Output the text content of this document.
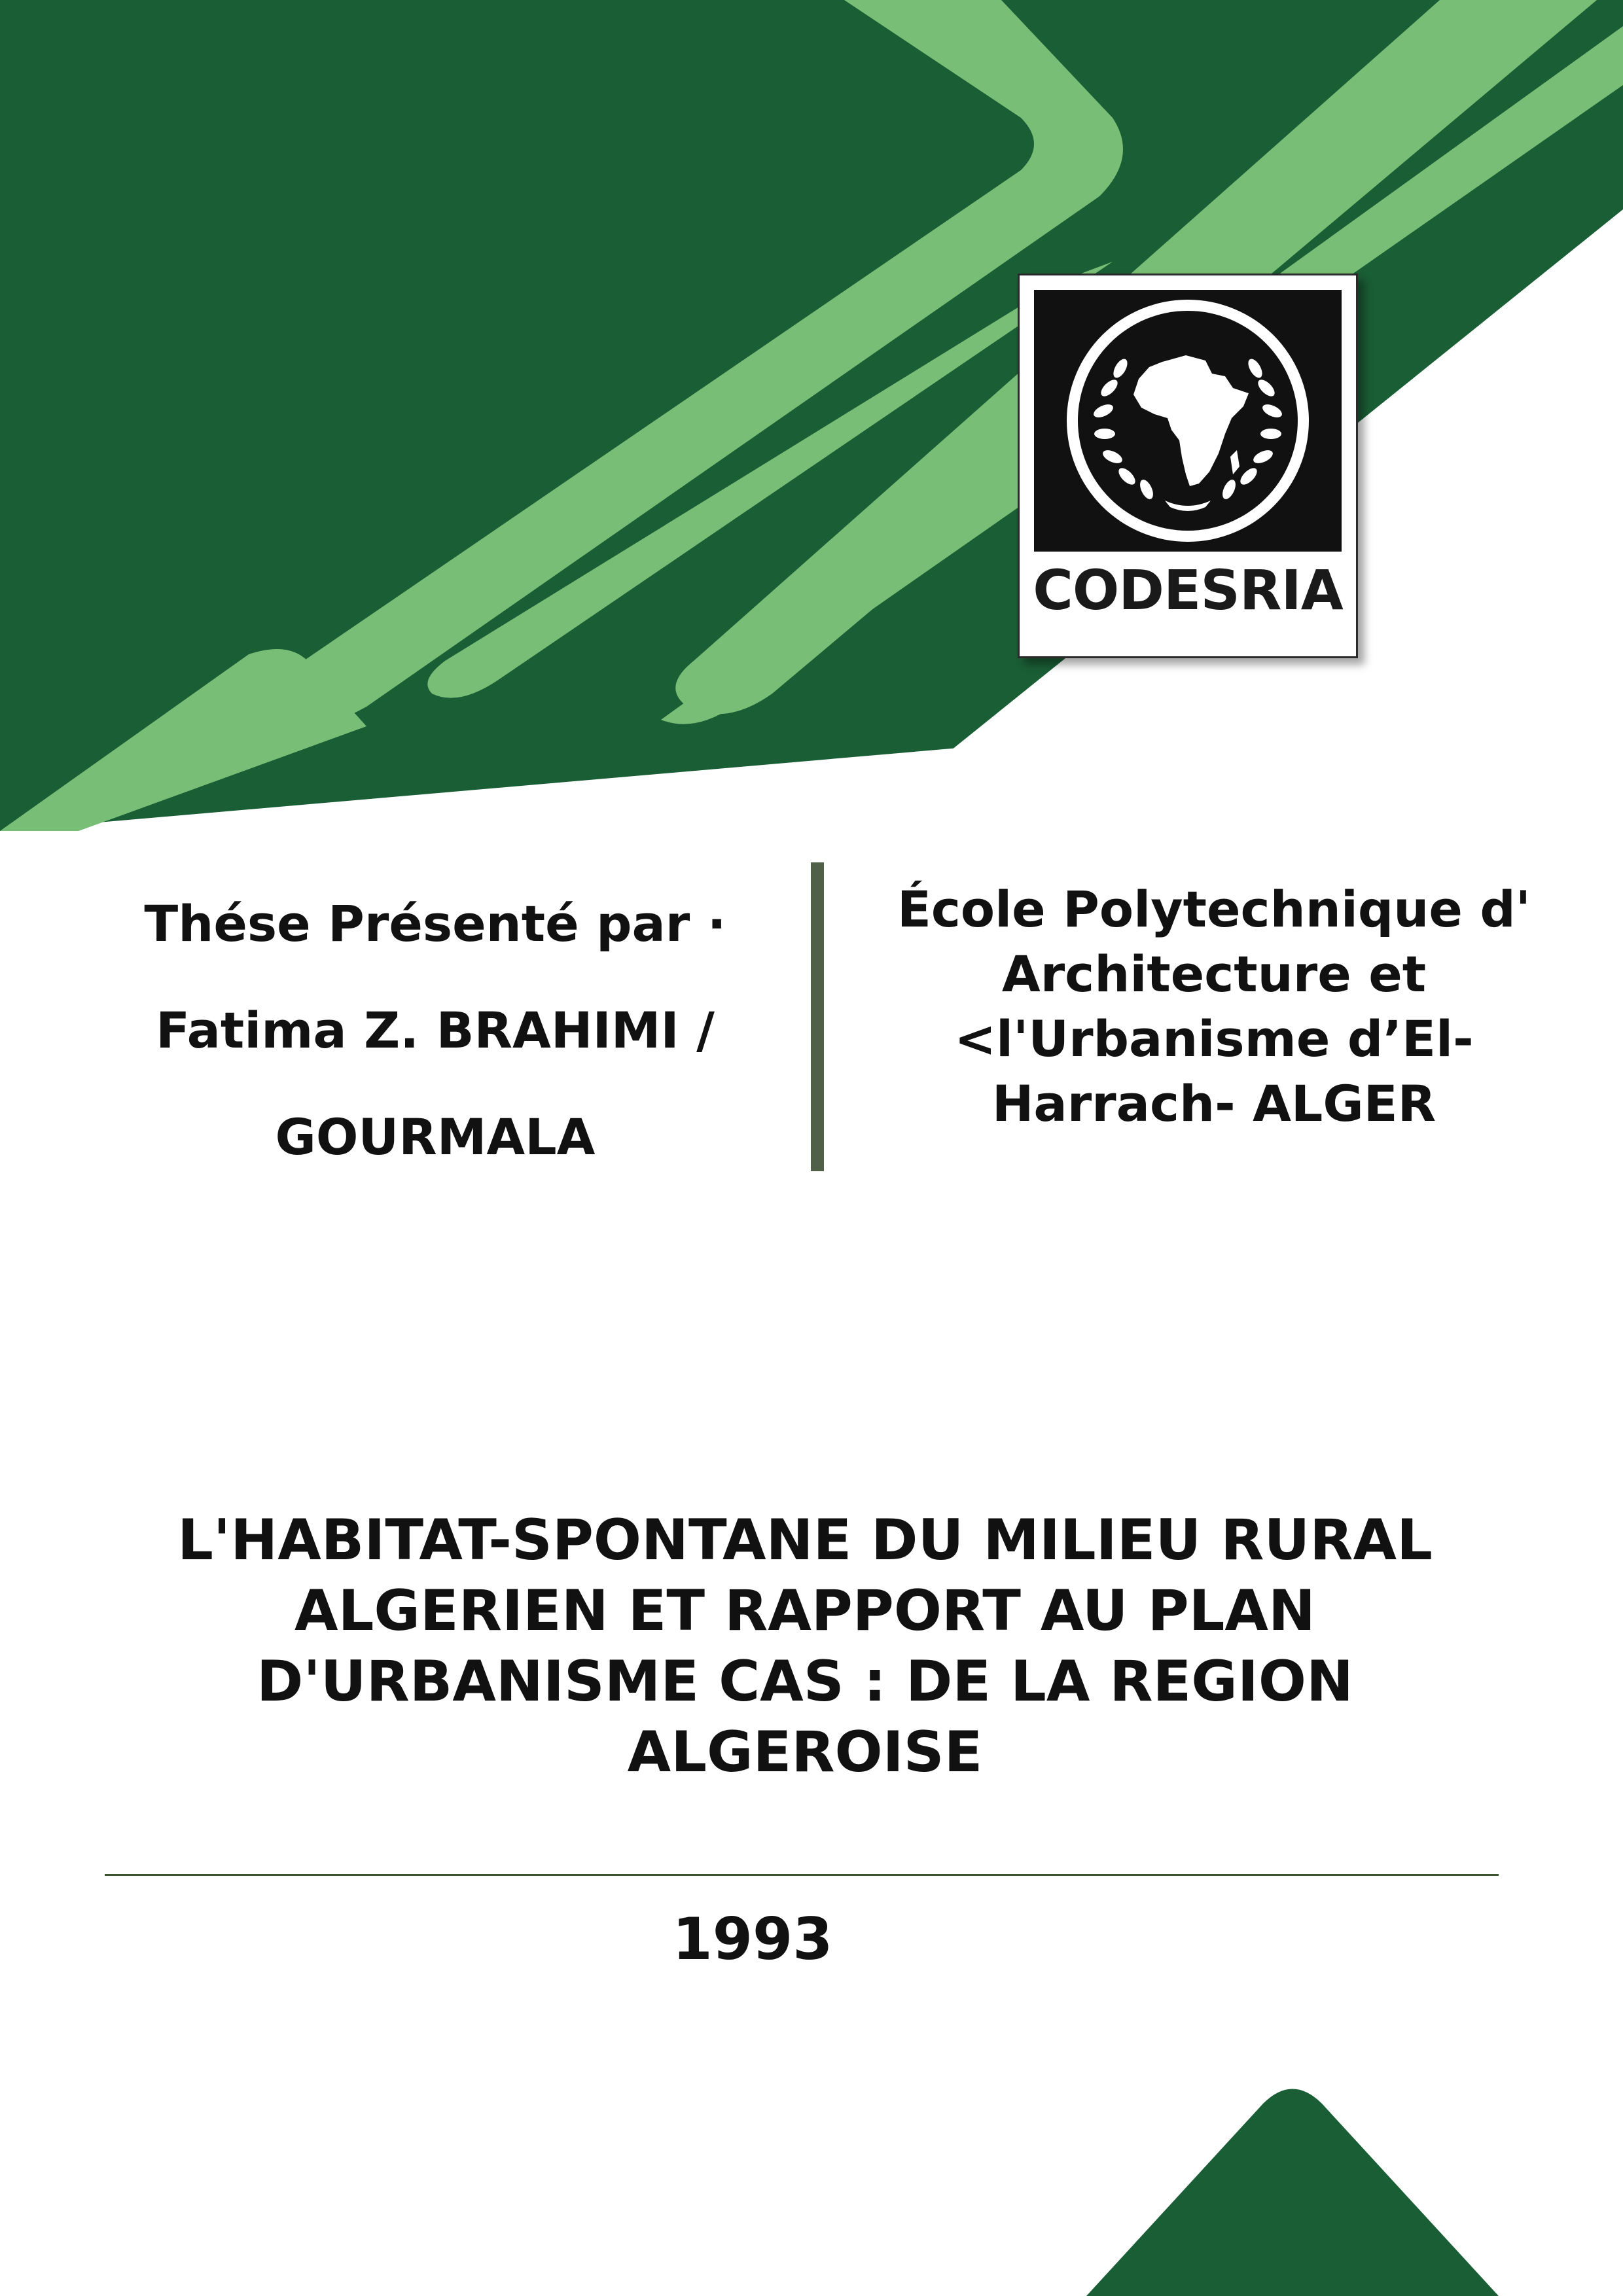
CODESRIA
Thése Présenté par ·
Fatima Z. BRAHIMI /
GOURMALA
École Polytechnique d'
Architecture et
<l'Urbanisme d’El-
Harrach- ALGER
L'HABITAT-SPONTANE DU MILIEU RURAL
ALGERIEN ET RAPPORT AU PLAN
D'URBANISME CAS : DE LA REGION
ALGEROISE
1993
